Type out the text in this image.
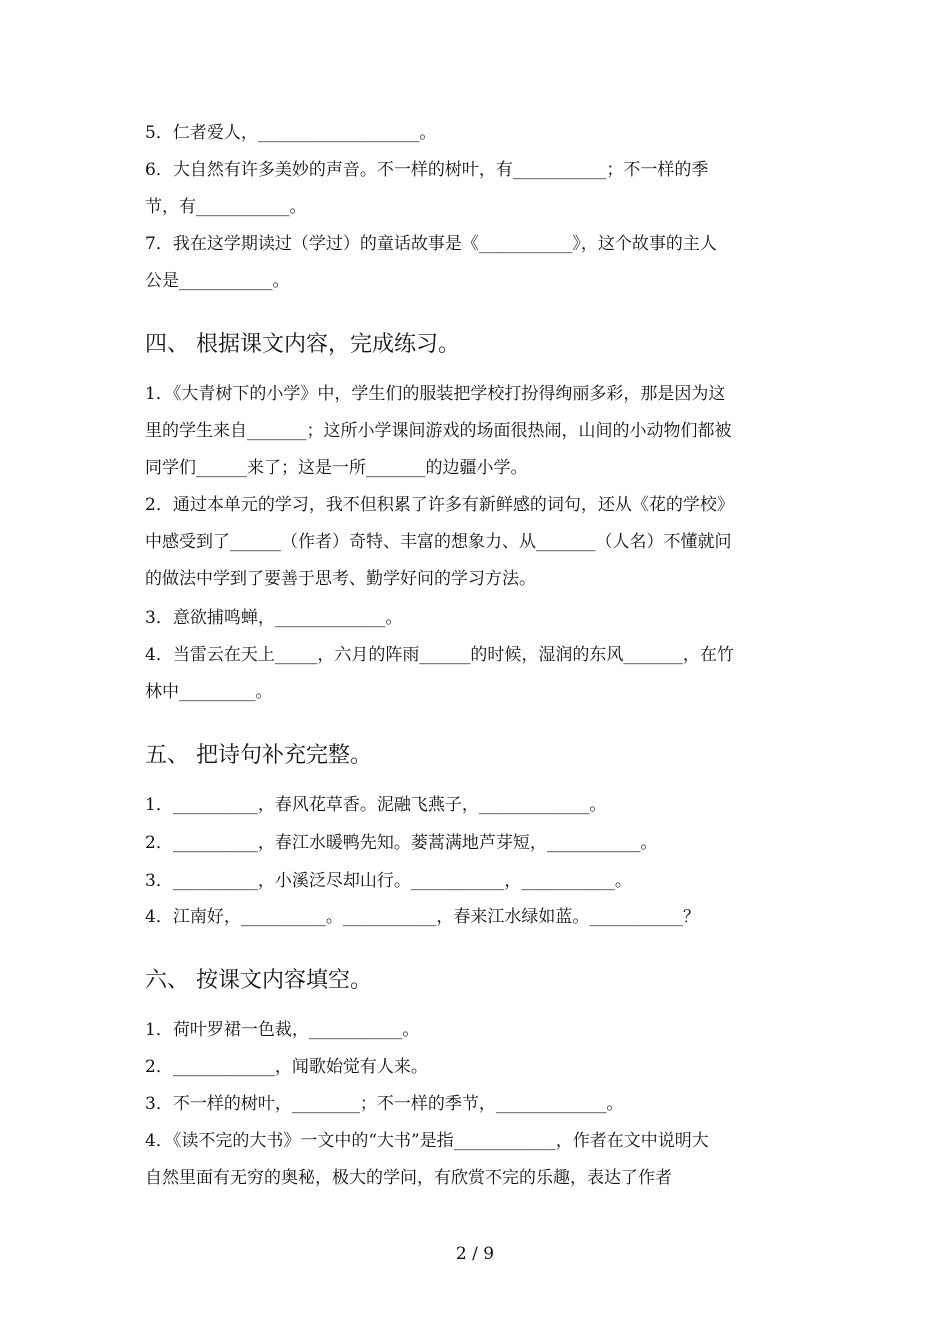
5．仁者爱人，___________________。
6．大自然有许多美妙的声音。不一样的树叶，有___________；不一样的季
节，有___________。
7．我在这学期读过（学过）的童话故事是《___________》，这个故事的主人
公是___________。
四、 根据课文内容，完成练习。
1．《大青树下的小学》中，学生们的服装把学校打扮得绚丽多彩，那是因为这
里的学生来自_______；这所小学课间游戏的场面很热闹，山间的小动物们都被
同学们______来了；这是一所_______的边疆小学。
2．通过本单元的学习，我不但积累了许多有新鲜感的词句，还从《花的学校》
中感受到了______（作者）奇特、丰富的想象力、从_______（人名）不懂就问
的做法中学到了要善于思考、勤学好问的学习方法。
3．意欲捕鸣蝉，_____________。
4．当雷云在天上_____，六月的阵雨______的时候，湿润的东风_______，在竹
林中_________。
五、 把诗句补充完整。
1．__________，春风花草香。泥融飞燕子，_____________。
2．__________，春江水暖鸭先知。蒌蒿满地芦芽短，___________。
3．__________，小溪泛尽却山行。___________，___________。
4．江南好，__________。___________，春来江水绿如蓝。___________？
六、 按课文内容填空。
1．荷叶罗裙一色裁，___________。
2．____________，闻歌始觉有人来。
3．不一样的树叶，________；不一样的季节，_____________。
4．《读不完的大书》一文中的“大书”是指____________，作者在文中说明大
自然里面有无穷的奥秘，极大的学问，有欣赏不完的乐趣，表达了作者
2 / 9
